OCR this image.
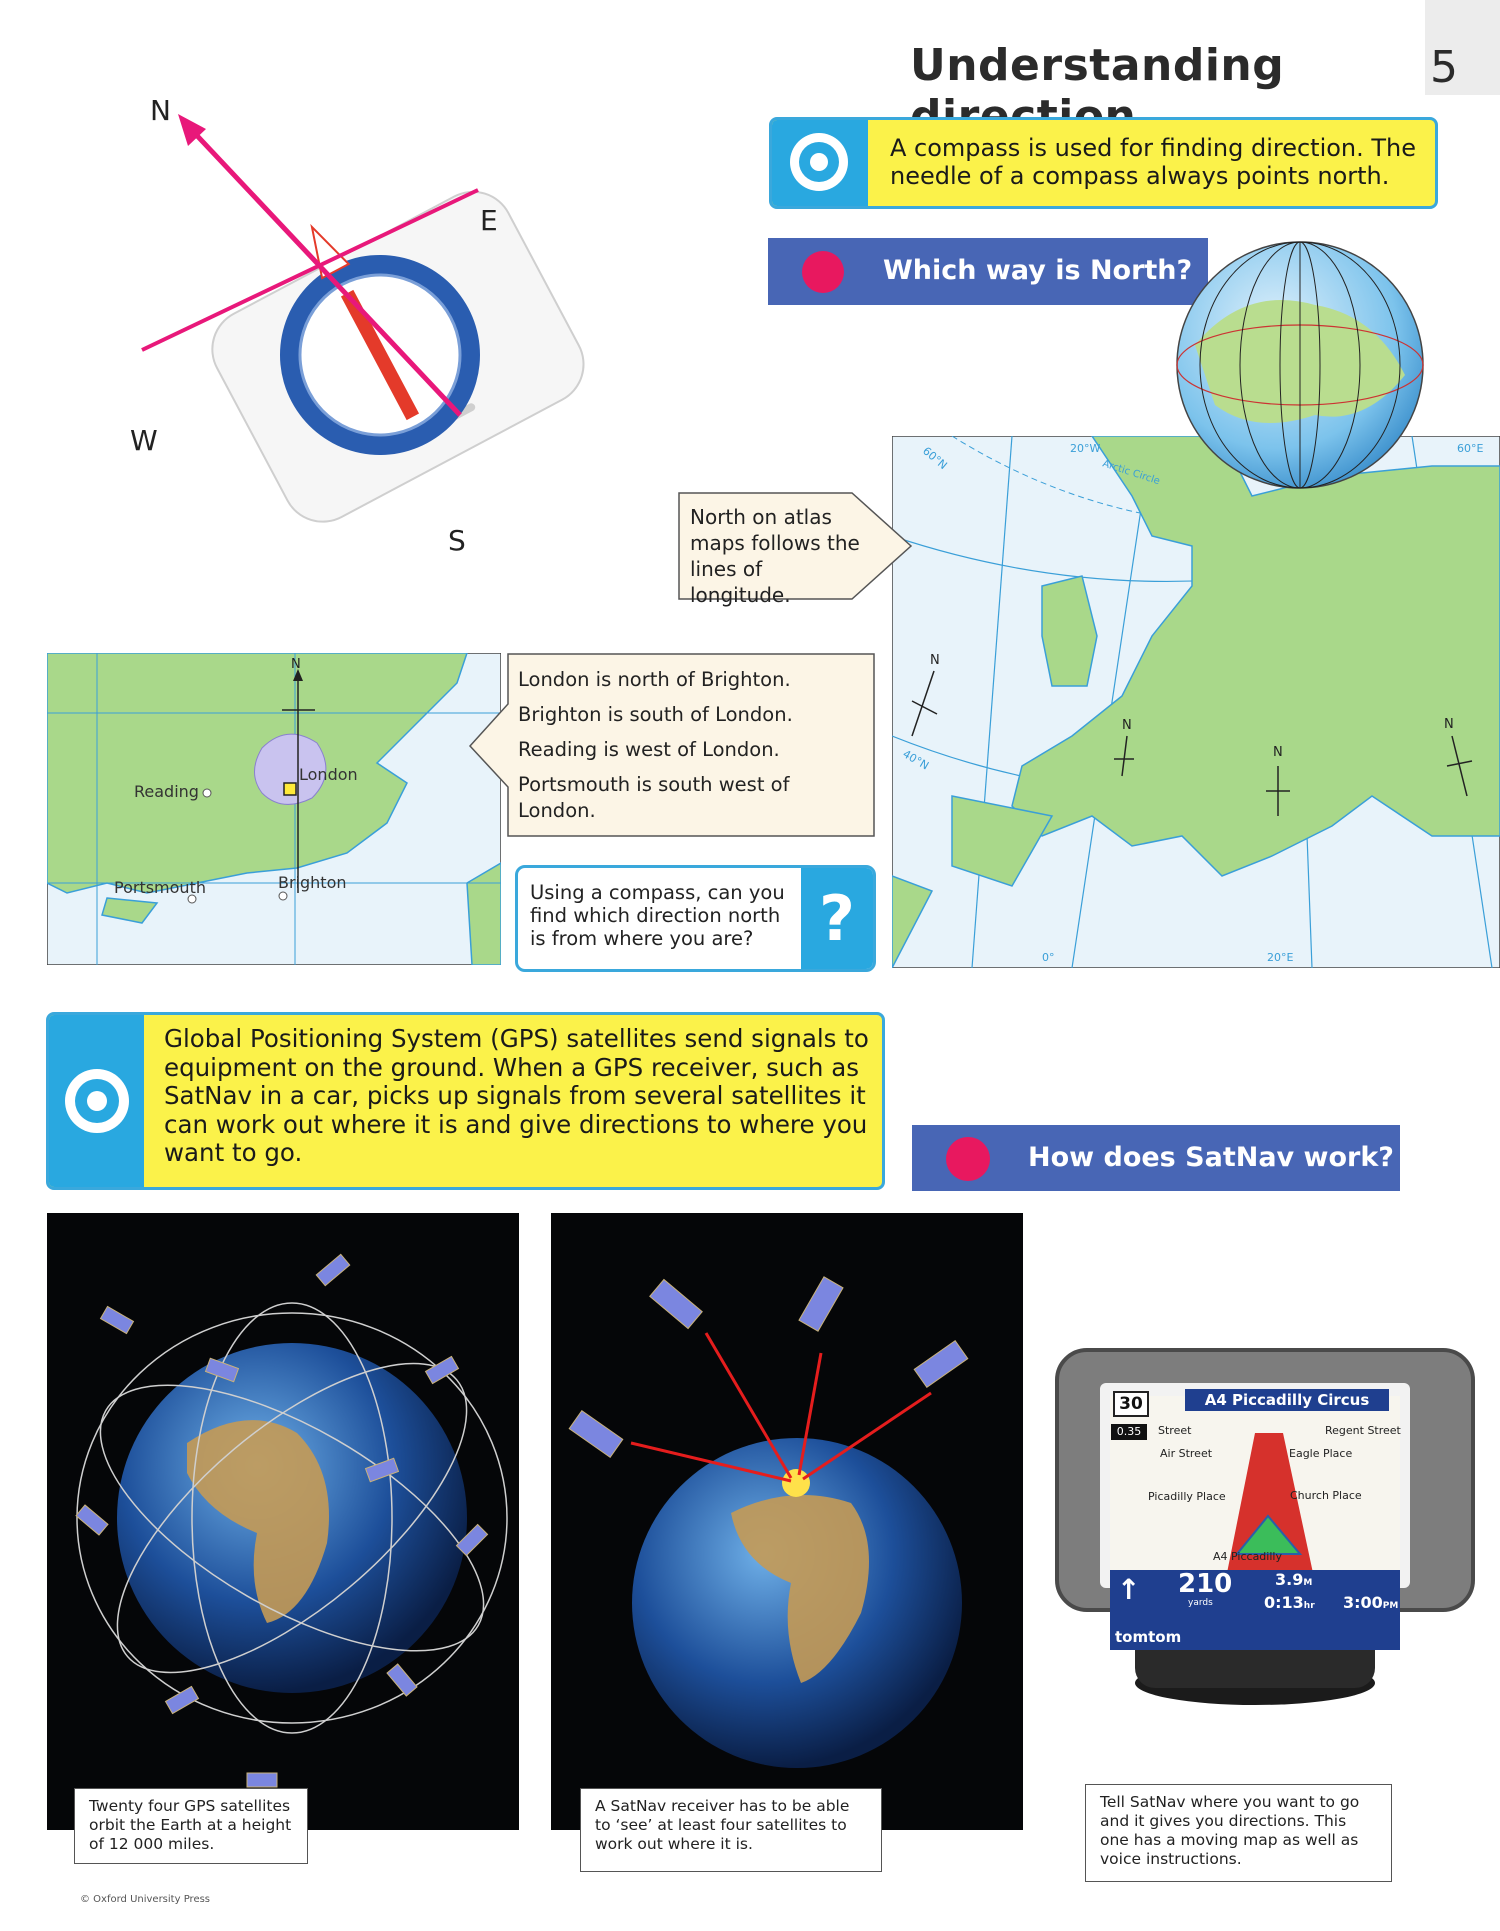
Understanding	5
N
E
S
W
A compass is used for finding direction. The needle of a compass always points north.
Which way is North?
N
N
N
N
60°N	20°W
Arctic Circle
60°E
40°N
0°	20°E
North on atlas maps follows the lines of longitude.
N
Reading
London
Portsmouth	Brighton
London is north of Brighton.
Brighton is south of London.
Reading is west of London.
Portsmouth is south west of London.
Using a compass, can you find which direction north is from where you are?	?
Global Positioning System (GPS) satellites send signals to equipment on the ground. When a GPS receiver, such as SatNav in a car, picks up signals from several satellites it can work out where it is and give directions to where you want to go.	How does SatNav work?
A4 Piccadilly Circus
30
0.35	Street	Regent Street
Air Street	Eagle Place
Picadilly Place	Church Place
A4 Piccadilly
↑ 210
yards
3.9M
0:13hr 3:00PM
tomtom
Twenty four GPS satellites orbit the Earth at a height of 12 000 miles.
A SatNav receiver has to be able to ‘see’ at least four satellites to work out where it is.
Tell SatNav where you want to go and it gives you directions. This one has a moving map as well as voice instructions.
© Oxford University Press
